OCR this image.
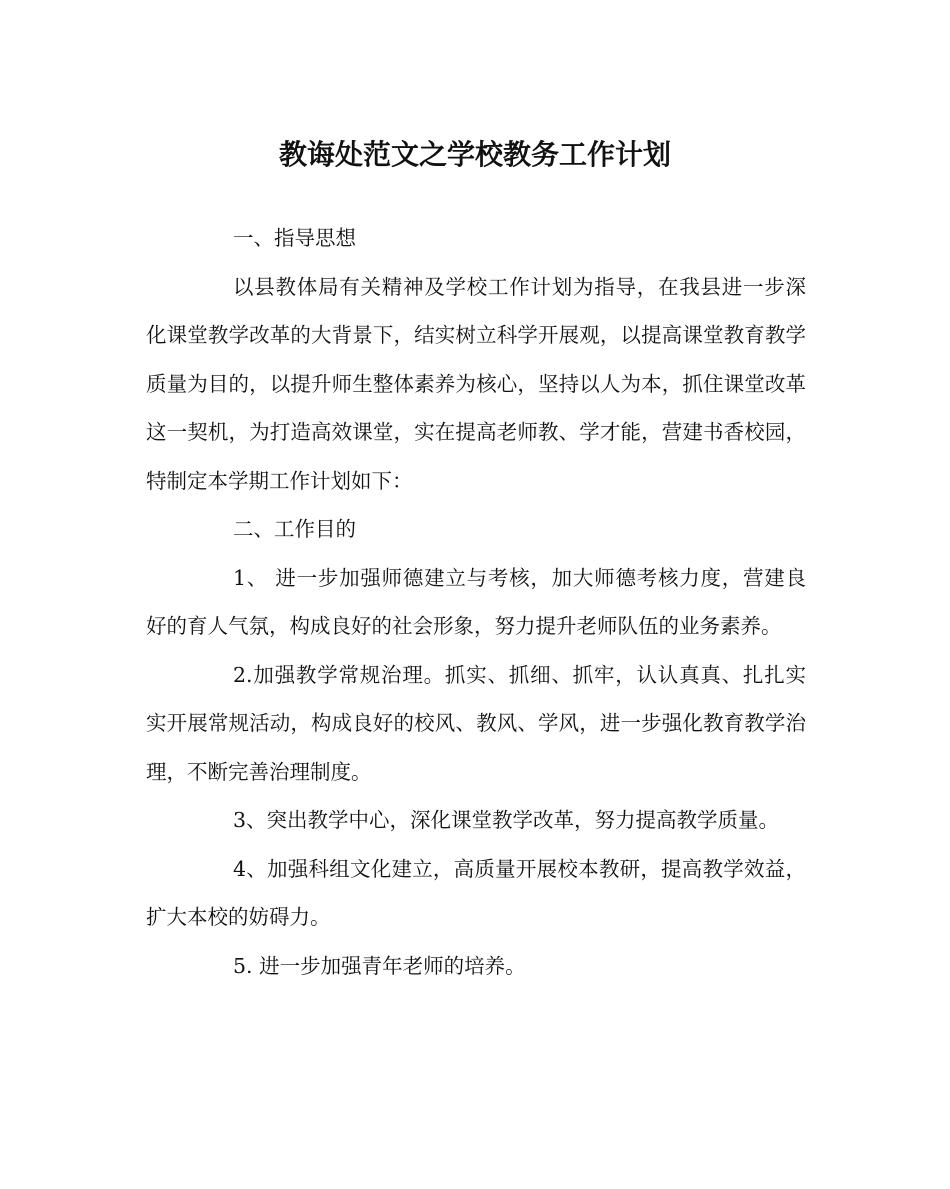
教诲处范文之学校教务工作计划

一、指导思想

以县教体局有关精神及学校工作计划为指导，在我县进一步深化课堂教学改革的大背景下，结实树立科学开展观，以提高课堂教育教学质量为目的，以提升师生整体素养为核心，坚持以人为本，抓住课堂改革这一契机，为打造高效课堂，实在提高老师教、学才能，营建书香校园，特制定本学期工作计划如下：

二、工作目的

1、 进一步加强师德建立与考核，加大师德考核力度，营建良好的育人气氛，构成良好的社会形象，努力提升老师队伍的业务素养。

2.加强教学常规治理。抓实、抓细、抓牢，认认真真、扎扎实实开展常规活动，构成良好的校风、教风、学风，进一步强化教育教学治理，不断完善治理制度。

3、突出教学中心，深化课堂教学改革，努力提高教学质量。

4、加强科组文化建立，高质量开展校本教研，提高教学效益，扩大本校的妨碍力。

5. 进一步加强青年老师的培养。
